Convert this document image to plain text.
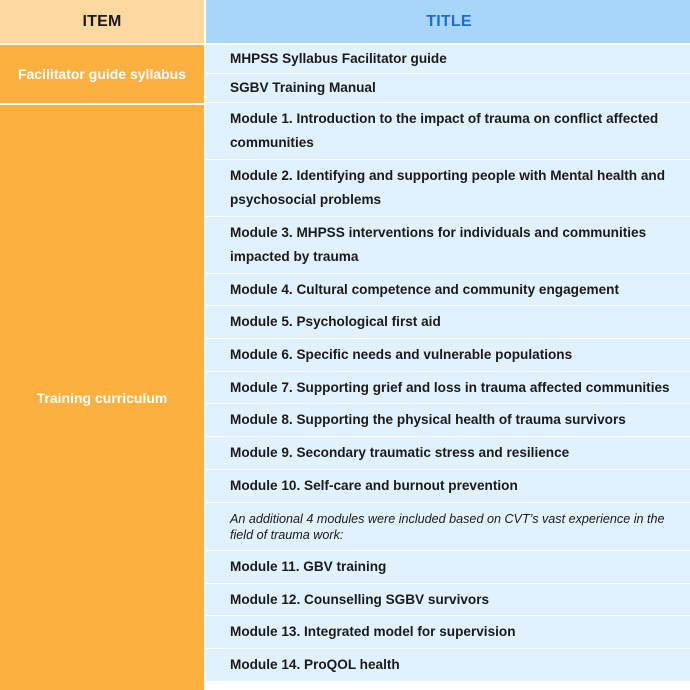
ITEM	TITLE
Facilitator guide syllabus
Training curriculum
MHPSS Syllabus Facilitator guide
SGBV Training Manual
Module 1. Introduction to the impact of trauma on conflict affected communities
Module 2. Identifying and supporting people with Mental health and psychosocial problems
Module 3. MHPSS interventions for individuals and communities impacted by trauma
Module 4. Cultural competence and community engagement
Module 5. Psychological first aid
Module 6. Specific needs and vulnerable populations
Module 7. Supporting grief and loss in trauma affected communities
Module 8. Supporting the physical health of trauma survivors
Module 9. Secondary traumatic stress and resilience
Module 10. Self-care and burnout prevention
An additional 4 modules were included based on CVT’s vast experience in the field of trauma work:
Module 11. GBV training
Module 12. Counselling SGBV survivors
Module 13. Integrated model for supervision
Module 14. ProQOL health
